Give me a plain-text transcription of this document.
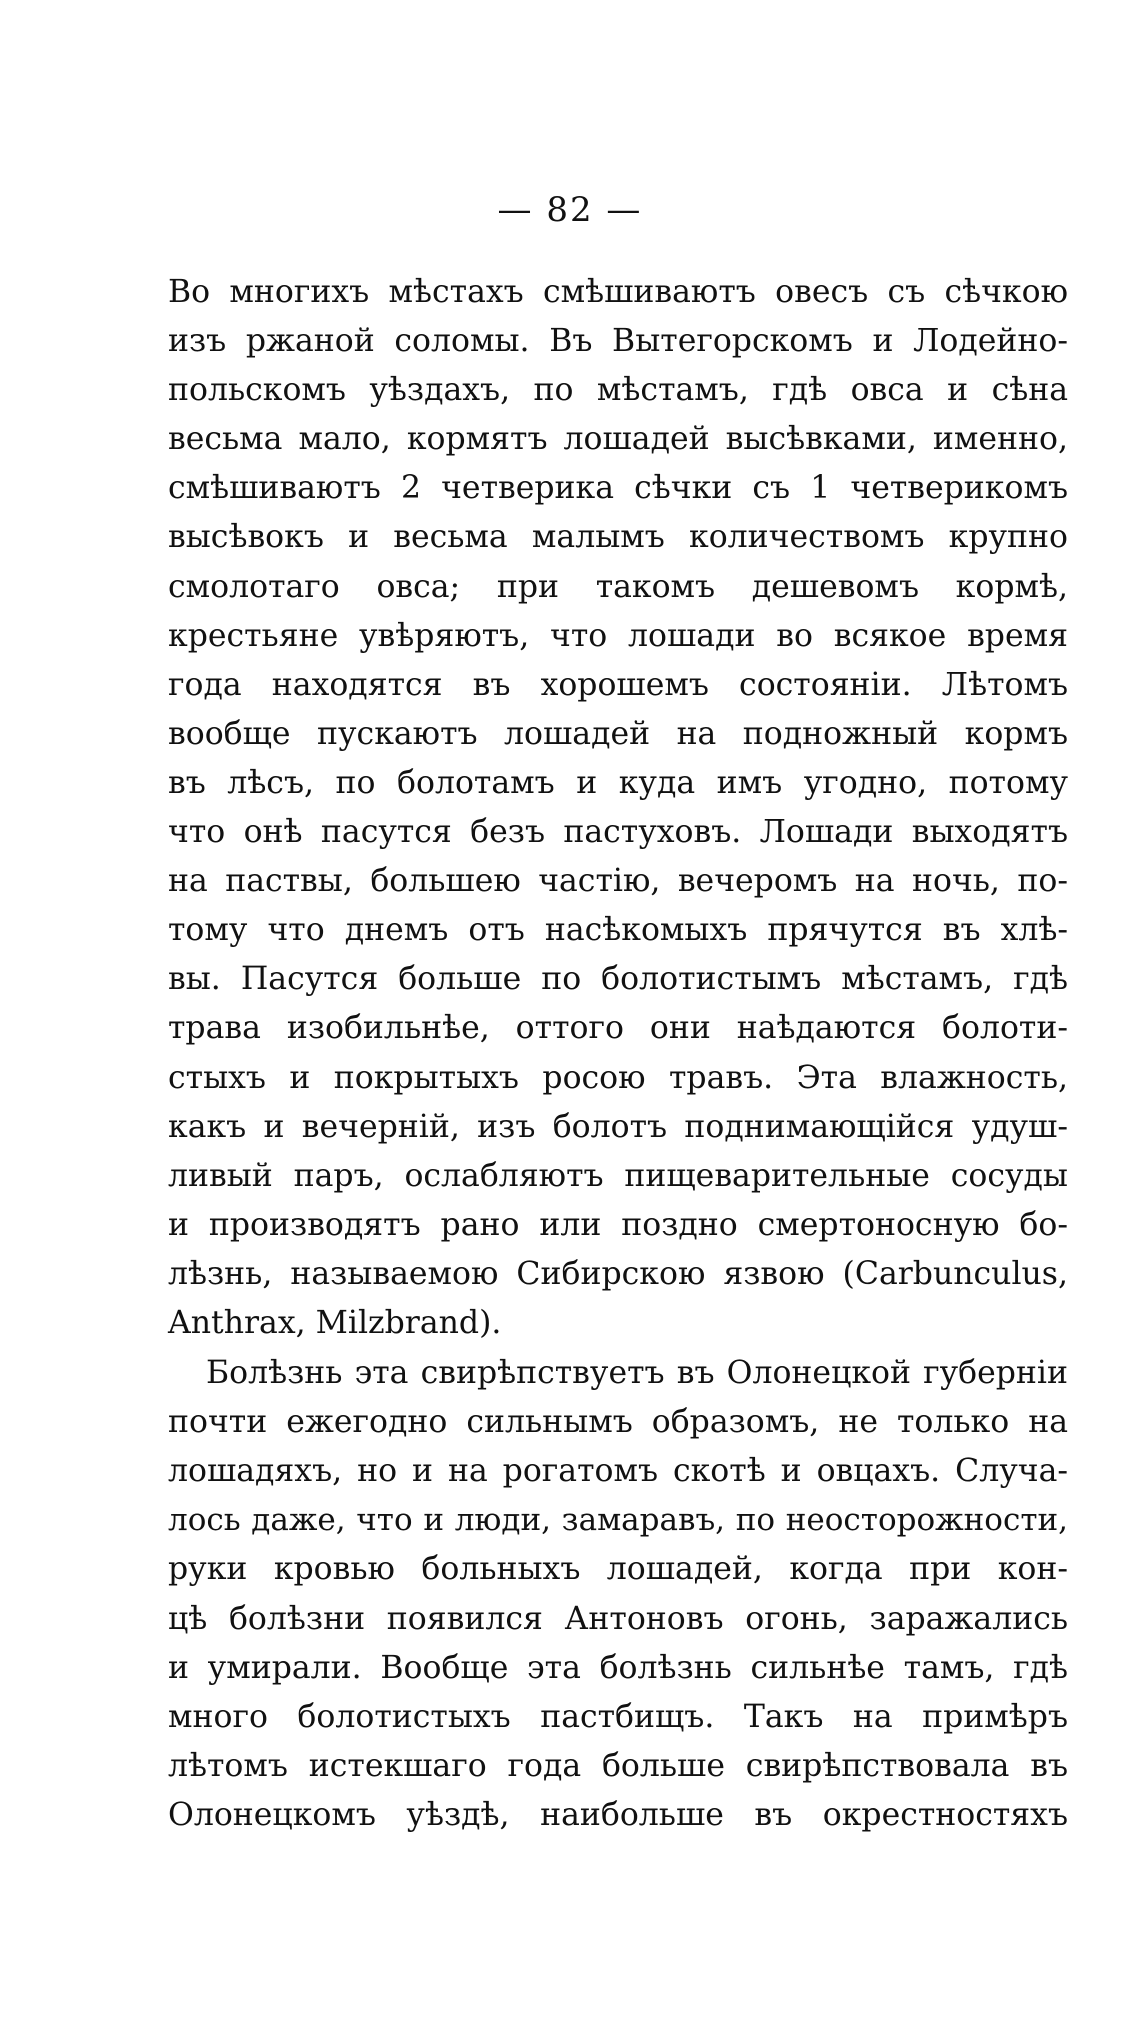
— 82 —
Во многихъ мѣстахъ смѣшиваютъ овесъ съ сѣчкою
изъ ржаной соломы. Въ Вытегорскомъ и Лодейно-
польскомъ уѣздахъ, по мѣстамъ, гдѣ овса и сѣна
весьма мало, кормятъ лошадей высѣвками, именно,
смѣшиваютъ 2 четверика сѣчки съ 1 четверикомъ
высѣвокъ и весьма малымъ количествомъ крупно
смолотаго овса; при такомъ дешевомъ кормѣ,
крестьяне увѣряютъ, что лошади во всякое время
года находятся въ хорошемъ состояніи. Лѣтомъ
вообще пускаютъ лошадей на подножный кормъ
въ лѣсъ, по болотамъ и куда имъ угодно, потому
что онѣ пасутся безъ пастуховъ. Лошади выходятъ
на паствы, большею частію, вечеромъ на ночь, по-
тому что днемъ отъ насѣкомыхъ прячутся въ хлѣ-
вы. Пасутся больше по болотистымъ мѣстамъ, гдѣ
трава изобильнѣе, оттого они наѣдаются болоти-
стыхъ и покрытыхъ росою травъ. Эта влажность,
какъ и вечерній, изъ болотъ поднимающійся удуш-
ливый паръ, ослабляютъ пищеварительные сосуды
и производятъ рано или поздно смертоносную бо-
лѣзнь, называемою Сибирскою язвою (Carbunculus,
Anthrax, Milzbrand).
Болѣзнь эта свирѣпствуетъ въ Олонецкой губерніи
почти ежегодно сильнымъ образомъ, не только на
лошадяхъ, но и на рогатомъ скотѣ и овцахъ. Случа-
лось даже, что и люди, замаравъ, по неосторожности,
руки кровью больныхъ лошадей, когда при кон-
цѣ болѣзни появился Антоновъ огонь, заражались
и умирали. Вообще эта болѣзнь сильнѣе тамъ, гдѣ
много болотистыхъ пастбищъ. Такъ на примѣръ
лѣтомъ истекшаго года больше свирѣпствовала въ
Олонецкомъ уѣздѣ, наибольше въ окрестностяхъ
